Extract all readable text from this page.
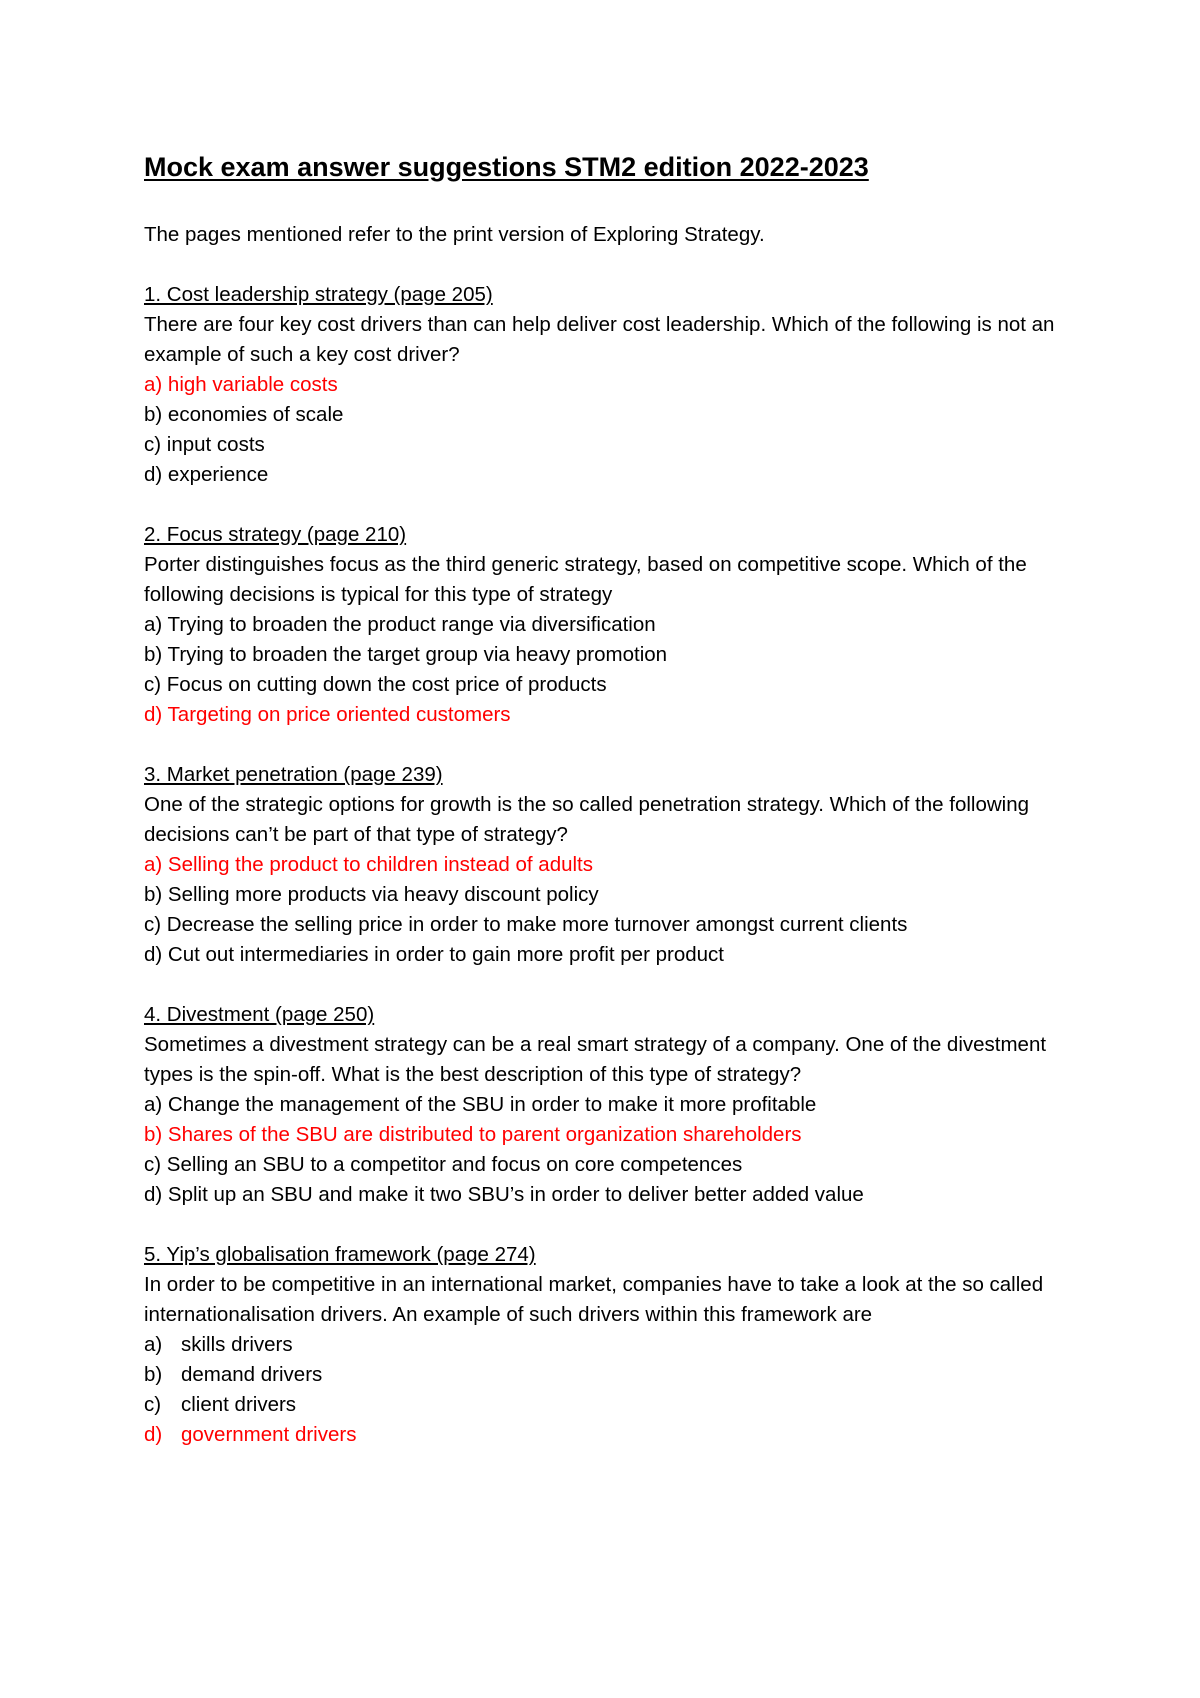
Mock exam answer suggestions STM2 edition 2022-2023

The pages mentioned refer to the print version of Exploring Strategy.

1. Cost leadership strategy (page 205)

There are four key cost drivers than can help deliver cost leadership. Which of the following is not an example of such a key cost driver?

a) high variable costs
b) economies of scale
c) input costs
d) experience

2. Focus strategy (page 210)

Porter distinguishes focus as the third generic strategy, based on competitive scope. Which of the following decisions is typical for this type of strategy

a) Trying to broaden the product range via diversification
b) Trying to broaden the target group via heavy promotion
c) Focus on cutting down the cost price of products
d) Targeting on price oriented customers

3. Market penetration (page 239)

One of the strategic options for growth is the so called penetration strategy. Which of the following decisions can’t be part of that type of strategy?

a) Selling the product to children instead of adults
b) Selling more products via heavy discount policy
c) Decrease the selling price in order to make more turnover amongst current clients
d) Cut out intermediaries in order to gain more profit per product

4. Divestment (page 250)

Sometimes a divestment strategy can be a real smart strategy of a company. One of the divestment types is the spin-off. What is the best description of this type of strategy?

a) Change the management of the SBU in order to make it more profitable
b) Shares of the SBU are distributed to parent organization shareholders
c) Selling an SBU to a competitor and focus on core competences
d) Split up an SBU and make it two SBU’s in order to deliver better added value

5. Yip’s globalisation framework (page 274)

In order to be competitive in an international market, companies have to take a look at the so called internationalisation drivers. An example of such drivers within this framework are

a) skills drivers
b) demand drivers
c) client drivers
d) government drivers
